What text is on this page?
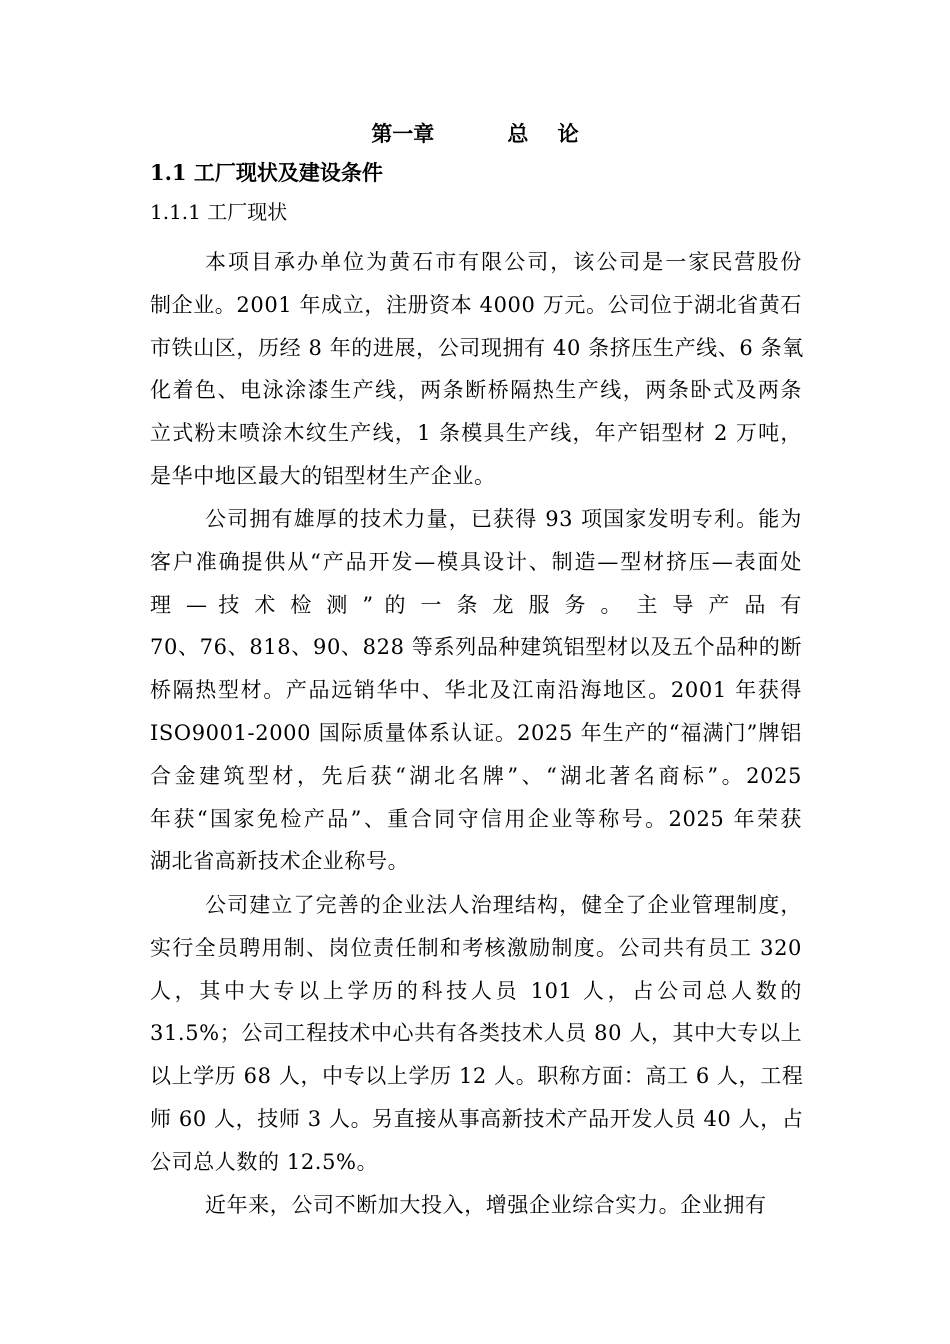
第一章          总    论
1.1 工厂现状及建设条件
1.1.1 工厂现状
本项目承办单位为黄石市有限公司，该公司是一家民营股份
制企业。2001 年成立，注册资本 4000 万元。公司位于湖北省黄石
市铁山区，历经 8 年的进展，公司现拥有 40 条挤压生产线、6 条氧
化着色、电泳涂漆生产线，两条断桥隔热生产线，两条卧式及两条
立式粉末喷涂木纹生产线，1 条模具生产线，年产铝型材 2 万吨，
是华中地区最大的铝型材生产企业。
公司拥有雄厚的技术力量，已获得 93 项国家发明专利。能为
客户准确提供从“产品开发—模具设计、制造—型材挤压—表面处
理 — 技 术 检 测 ” 的 一 条 龙 服 务 。 主 导 产 品 有
70、76、818、90、828 等系列品种建筑铝型材以及五个品种的断
桥隔热型材。产品远销华中、华北及江南沿海地区。2001 年获得
ISO9001-2000 国际质量体系认证。2025 年生产的“福满门”牌铝
合金建筑型材，先后获“湖北名牌”、“湖北著名商标”。2025
年获“国家免检产品”、重合同守信用企业等称号。2025 年荣获
湖北省高新技术企业称号。
公司建立了完善的企业法人治理结构，健全了企业管理制度，
实行全员聘用制、岗位责任制和考核激励制度。公司共有员工 320
人，其中大专以上学历的科技人员 101 人，占公司总人数的
31.5%；公司工程技术中心共有各类技术人员 80 人，其中大专以上
以上学历 68 人，中专以上学历 12 人。职称方面：高工 6 人，工程
师 60 人，技师 3 人。另直接从事高新技术产品开发人员 40 人，占
公司总人数的 12.5%。
近年来，公司不断加大投入，增强企业综合实力。企业拥有
